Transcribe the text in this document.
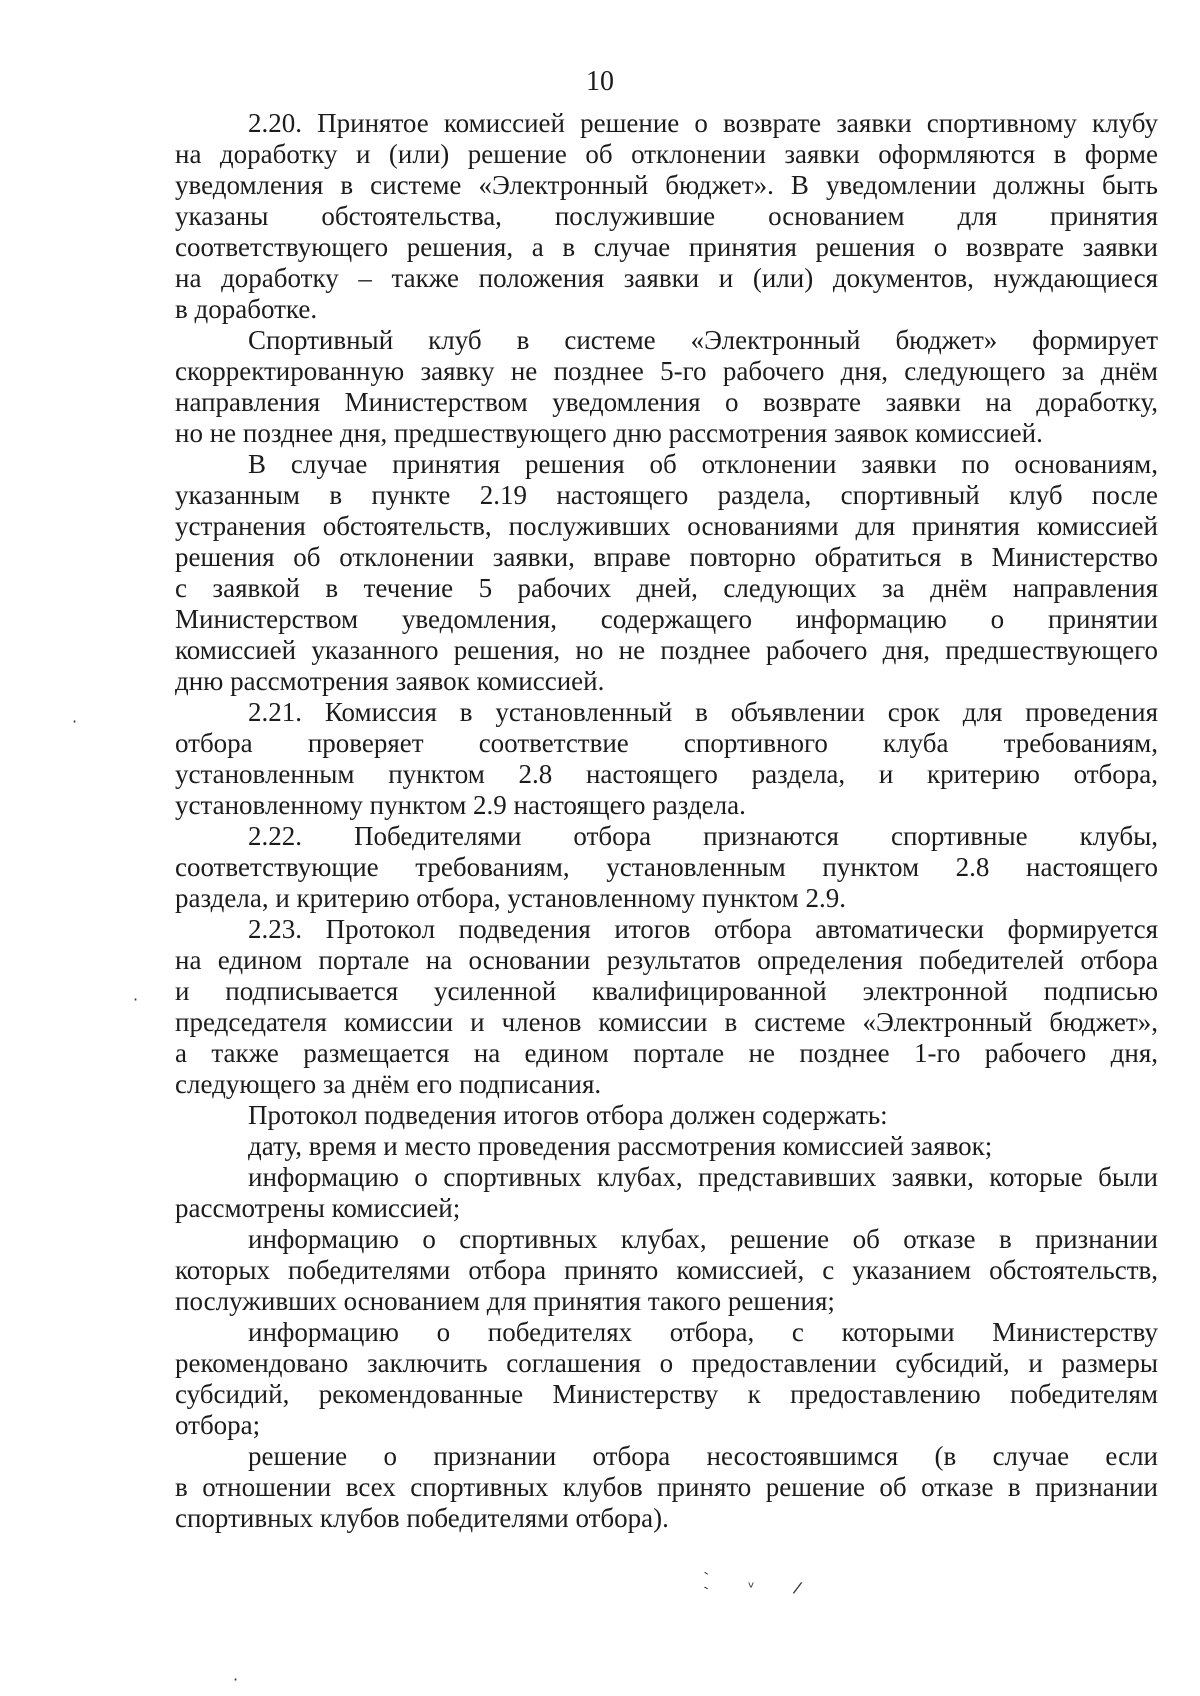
10
2.20. Принятое комиссией решение о возврате заявки спортивному клубу
на доработку и (или) решение об отклонении заявки оформляются в форме
уведомления в системе «Электронный бюджет». В уведомлении должны быть
указаны обстоятельства, послужившие основанием для принятия
соответствующего решения, а в случае принятия решения о возврате заявки
на доработку – также положения заявки и (или) документов, нуждающиеся
в доработке.
Спортивный клуб в системе «Электронный бюджет» формирует
скорректированную заявку не позднее 5-го рабочего дня, следующего за днём
направления Министерством уведомления о возврате заявки на доработку,
но не позднее дня, предшествующего дню рассмотрения заявок комиссией.
В случае принятия решения об отклонении заявки по основаниям,
указанным в пункте 2.19 настоящего раздела, спортивный клуб после
устранения обстоятельств, послуживших основаниями для принятия комиссией
решения об отклонении заявки, вправе повторно обратиться в Министерство
с заявкой в течение 5 рабочих дней, следующих за днём направления
Министерством уведомления, содержащего информацию о принятии
комиссией указанного решения, но не позднее рабочего дня, предшествующего
дню рассмотрения заявок комиссией.
2.21. Комиссия в установленный в объявлении срок для проведения
отбора проверяет соответствие спортивного клуба требованиям,
установленным пунктом 2.8 настоящего раздела, и критерию отбора,
установленному пунктом 2.9 настоящего раздела.
2.22. Победителями отбора признаются спортивные клубы,
соответствующие требованиям, установленным пунктом 2.8 настоящего
раздела, и критерию отбора, установленному пунктом 2.9.
2.23. Протокол подведения итогов отбора автоматически формируется
на едином портале на основании результатов определения победителей отбора
и подписывается усиленной квалифицированной электронной подписью
председателя комиссии и членов комиссии в системе «Электронный бюджет»,
а также размещается на едином портале не позднее 1-го рабочего дня,
следующего за днём его подписания.
Протокол подведения итогов отбора должен содержать:
дату, время и место проведения рассмотрения комиссией заявок;
информацию о спортивных клубах, представивших заявки, которые были
рассмотрены комиссией;
информацию о спортивных клубах, решение об отказе в признании
которых победителями отбора принято комиссией, с указанием обстоятельств,
послуживших основанием для принятия такого решения;
информацию о победителях отбора, с которыми Министерству
рекомендовано заключить соглашения о предоставлении субсидий, и размеры
субсидий, рекомендованные Министерству к предоставлению победителям
отбора;
решение о признании отбора несостоявшимся (в случае если
в отношении всех спортивных клубов принято решение об отказе в признании
спортивных клубов победителями отбора).
·
·
·
ˎ ̀ ᵛ /
